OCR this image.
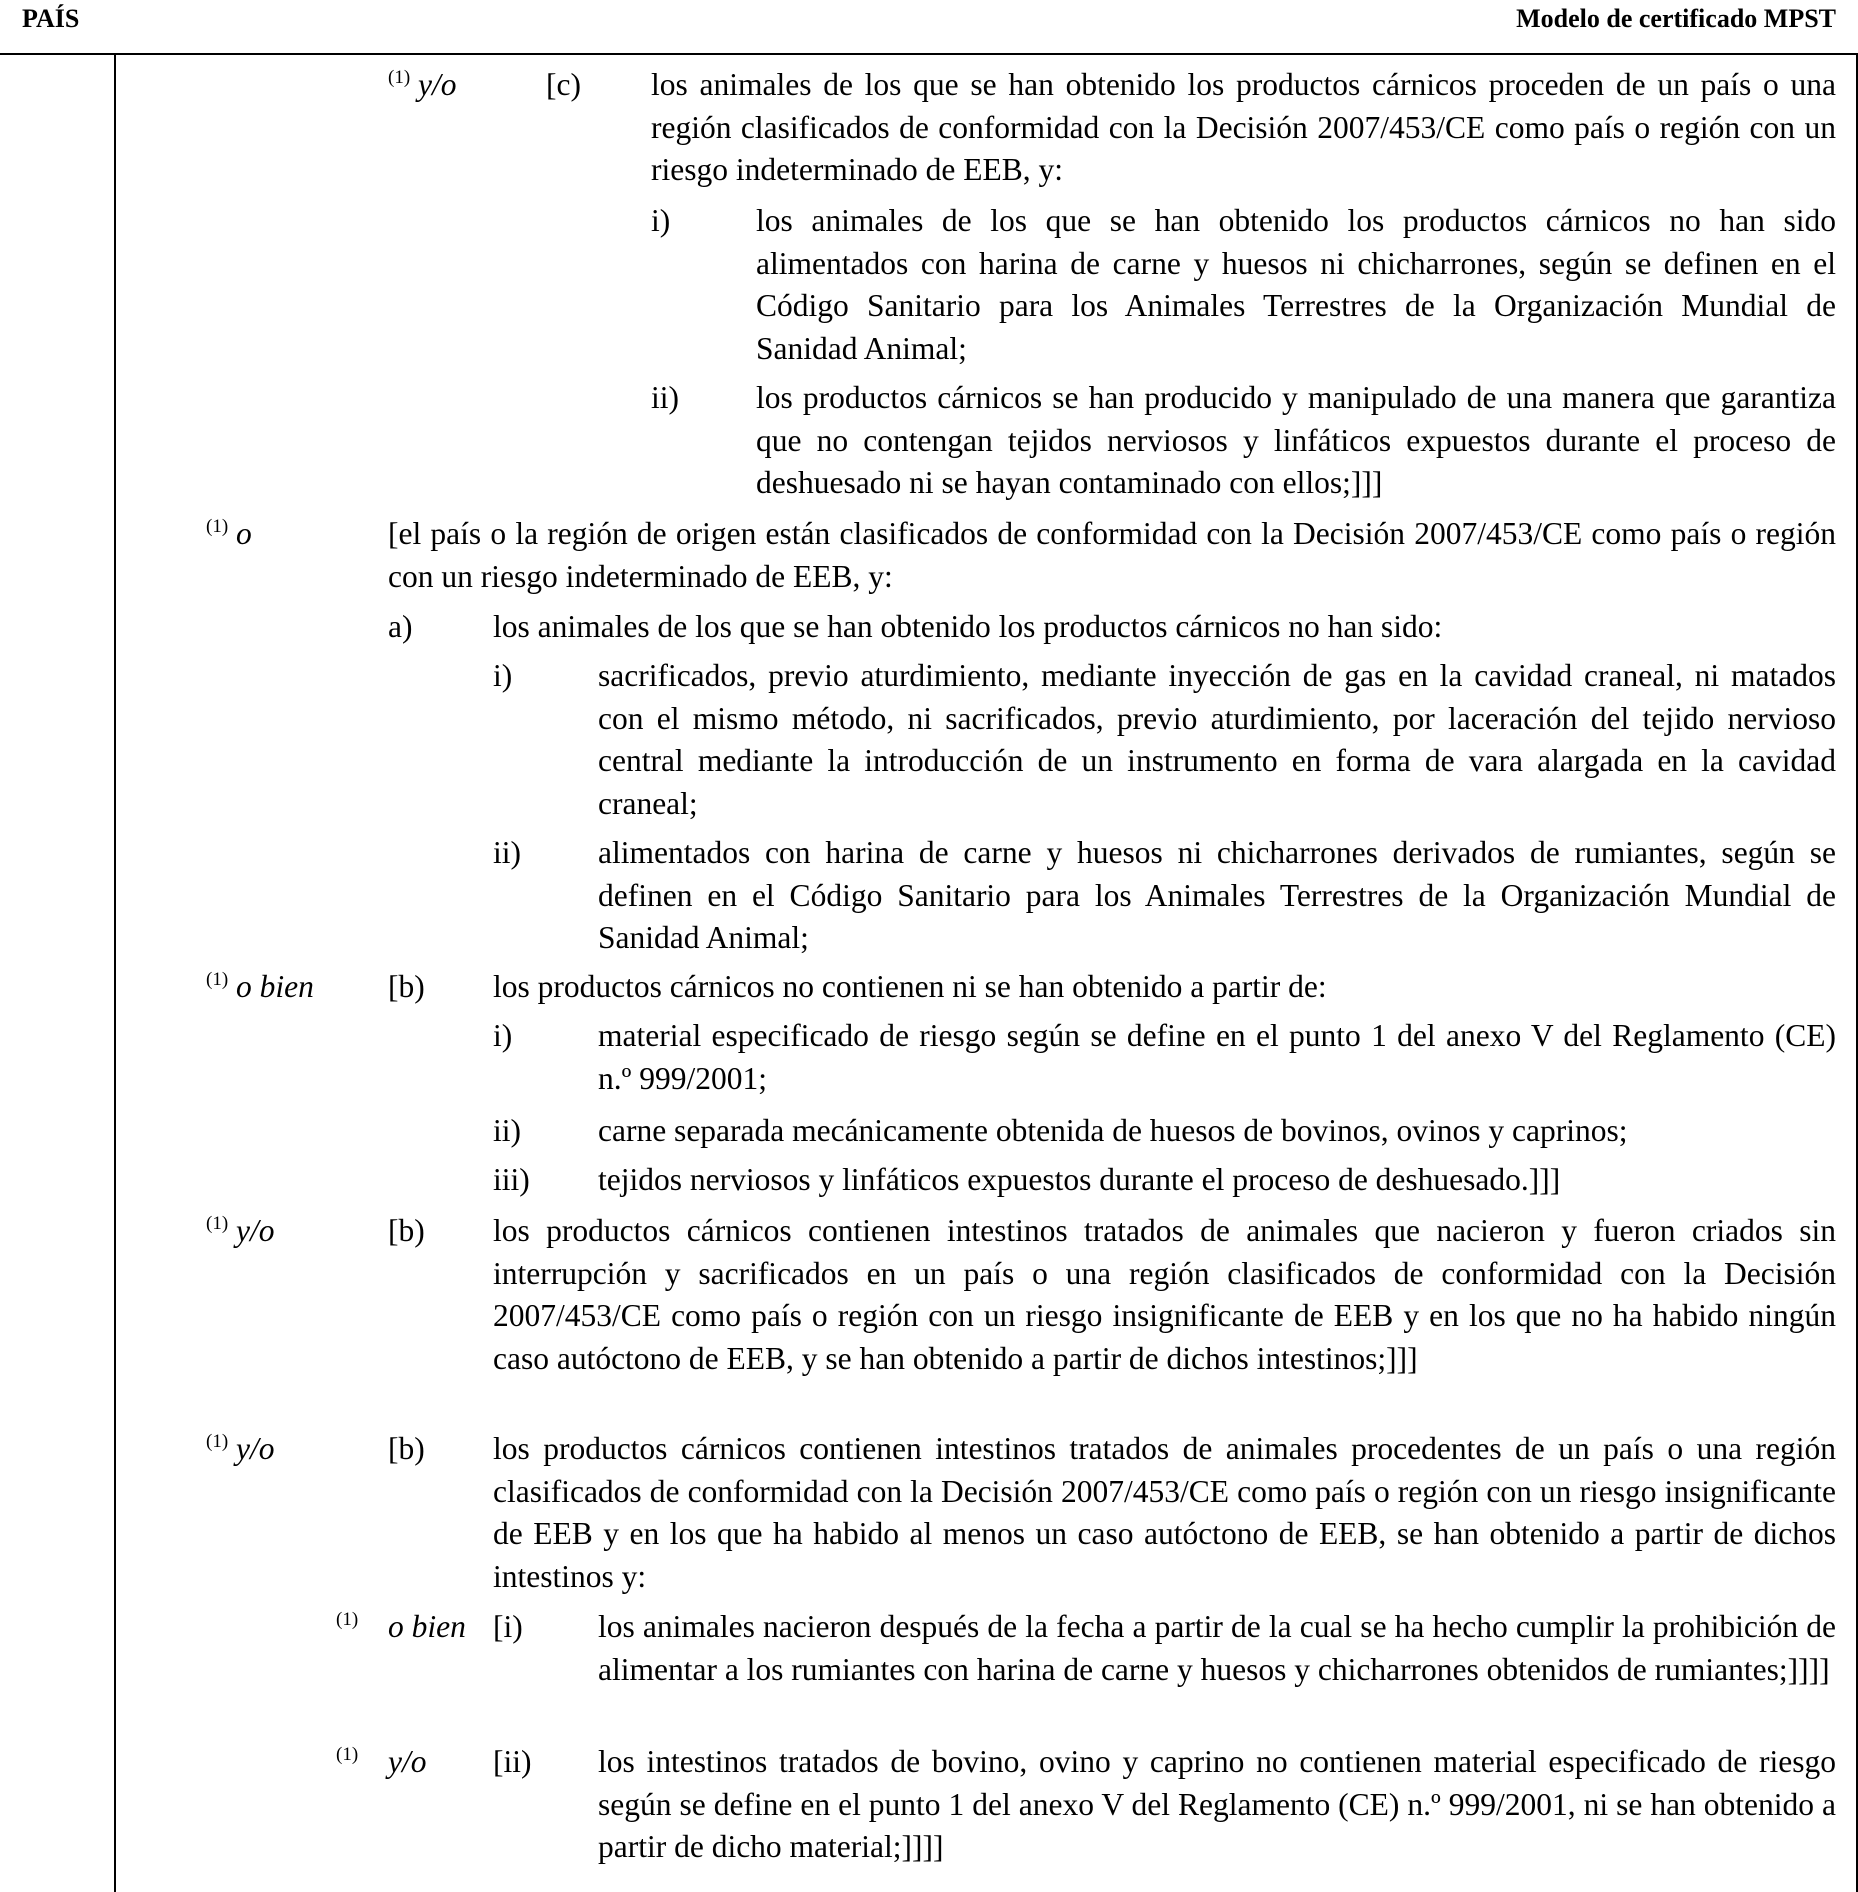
PAÍS	Modelo de certificado MPST
$^{(1)}$ y/o	[c) los animales de los que se han obtenido los productos cárnicos proceden de un país o una región clasificados de conformidad con la Decisión 2007/453/CE como país o región con un riesgo indeterminado de EEB, y:
i)	los animales de los que se han obtenido los productos cárnicos no han sido alimentados con harina de carne y huesos ni chicharrones, según se definen en el Código Sanitario para los Animales Terrestres de la Organización Mundial de Sanidad Animal;
ii) los productos cárnicos se han producido y manipulado de una manera que garantiza que no contengan tejidos nerviosos y linfáticos expuestos durante el proceso de deshuesado ni se hayan contaminado con ellos;]]]
$^{(1)}$ o	[el país o la región de origen están clasificados de conformidad con la Decisión 2007/453/CE como país o región con un riesgo indeterminado de EEB, y:
a)	los animales de los que se han obtenido los productos cárnicos no han sido:
i)	sacrificados, previo aturdimiento, mediante inyección de gas en la cavidad craneal, ni matados con el mismo método, ni sacrificados, previo aturdimiento, por laceración del tejido nervioso central mediante la introducción de un instrumento en forma de vara alargada en la cavidad craneal;
ii) alimentados con harina de carne y huesos ni chicharrones derivados de rumiantes, según se definen en el Código Sanitario para los Animales Terrestres de la Organización Mundial de Sanidad Animal;
$^{(1)}$ o bien [b) los productos cárnicos no contienen ni se han obtenido a partir de:
i)	material especificado de riesgo según se define en el punto 1 del anexo V del Reglamento (CE) n.º 999/2001;
ii) carne separada mecánicamente obtenida de huesos de bovinos, ovinos y caprinos;
iii) tejidos nerviosos y linfáticos expuestos durante el proceso de deshuesado.]]]
$^{(1)}$ y/o	[b) los productos cárnicos contienen intestinos tratados de animales que nacieron y fueron criados sin interrupción y sacrificados en un país o una región clasificados de conformidad con la Decisión 2007/453/CE como país o región con un riesgo insignificante de EEB y en los que no ha habido ningún caso autóctono de EEB, y se han obtenido a partir de dichos intestinos;]]]
$^{(1)}$ y/o	[b) los productos cárnicos contienen intestinos tratados de animales procedentes de un país o una región clasificados de conformidad con la Decisión 2007/453/CE como país o región con un riesgo insignificante de EEB y en los que ha habido al menos un caso autóctono de EEB, se han obtenido a partir de dichos intestinos y:
$^{(1)}$ o bien [i) los animales nacieron después de la fecha a partir de la cual se ha hecho cumplir la prohibición de alimentar a los rumiantes con harina de carne y huesos y chicharrones obtenidos de rumiantes;]]]]
$^{(1)}$ y/o [ii) los intestinos tratados de bovino, ovino y caprino no contienen material especificado de riesgo según se define en el punto 1 del anexo V del Reglamento (CE) n.º 999/2001, ni se han obtenido a partir de dicho material;]]]]
